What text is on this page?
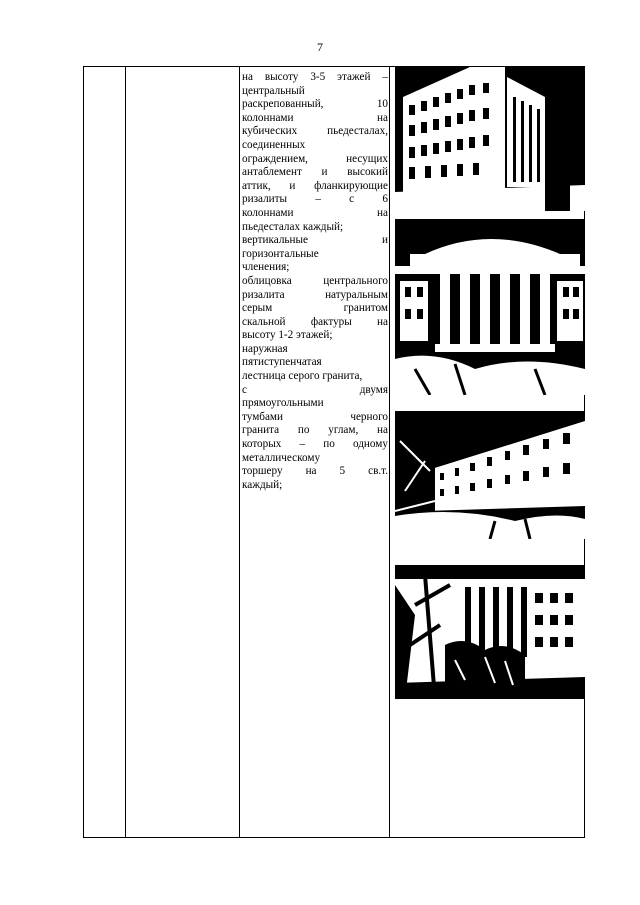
7
на высоту 3-5 этажей –
центральный
раскрепованный,	10
колоннами	на
кубических	пьедесталах,
соединенных
ограждением,	несущих
антаблемент и высокий
аттик, и фланкирующие
ризалиты	–	с	6
колоннами	на
пьедесталах каждый;
вертикальные	и
горизонтальные
членения;
облицовка	центрального
ризалита	натуральным
серым	гранитом
скальной фактуры на
высоту 1-2 этажей;
наружная
пятиступенчатая
лестница серого гранита,
с	двумя
прямоугольными
тумбами	черного
гранита по углам, на
которых – по одному
металлическому
торшеру на 5 св.т.
каждый;
